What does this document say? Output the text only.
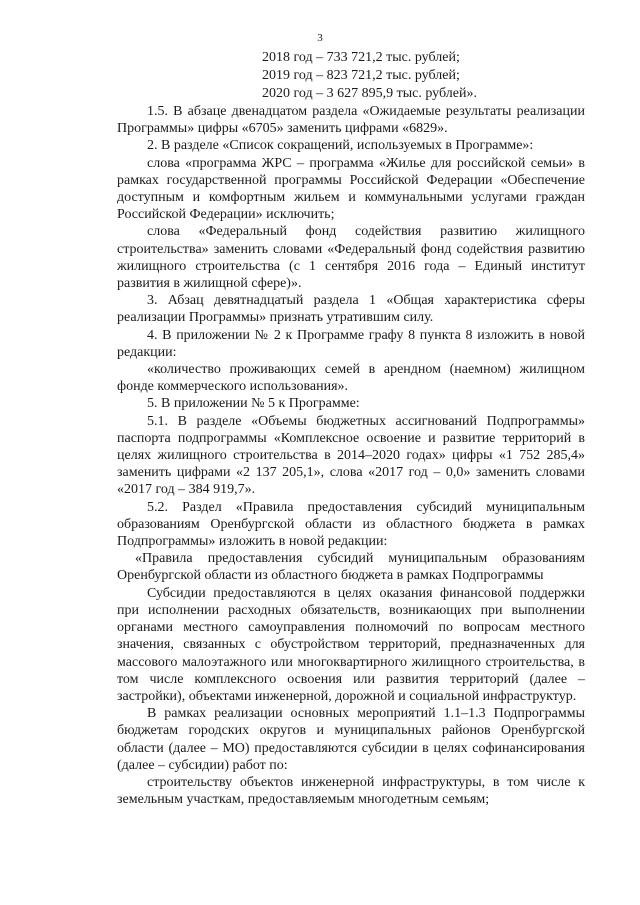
3
2018 год – 733 721,2 тыс. рублей;
2019 год – 823 721,2 тыс. рублей;
2020 год – 3 627 895,9 тыс. рублей».

1.5. В абзаце двенадцатом раздела «Ожидаемые результаты реализации Программы» цифры «6705» заменить цифрами «6829».

2. В разделе «Список сокращений, используемых в Программе»:

слова «программа ЖРС – программа «Жилье для российской семьи» в рамках государственной программы Российской Федерации «Обеспечение доступным и комфортным жильем и коммунальными услугами граждан Российской Федерации» исключить;

слова «Федеральный фонд содействия развитию жилищного строительства» заменить словами «Федеральный фонд содействия развитию жилищного строительства (с 1 сентября 2016 года – Единый институт развития в жилищной сфере)».

3. Абзац девятнадцатый раздела 1 «Общая характеристика сферы реализации Программы» признать утратившим силу.

4. В приложении № 2 к Программе графу 8 пункта 8 изложить в новой редакции:

«количество проживающих семей в арендном (наемном) жилищном фонде коммерческого использования».

5. В приложении № 5 к Программе:

5.1. В разделе «Объемы бюджетных ассигнований Подпрограммы» паспорта подпрограммы «Комплексное освоение и развитие территорий в целях жилищного строительства в 2014–2020 годах» цифры «1 752 285,4» заменить цифрами «2 137 205,1», слова «2017 год – 0,0» заменить словами «2017 год – 384 919,7».

5.2. Раздел «Правила предоставления субсидий муниципальным образованиям Оренбургской области из областного бюджета в рамках Подпрограммы» изложить в новой редакции:

«Правила предоставления субсидий муниципальным образованиям Оренбургской области из областного бюджета в рамках Подпрограммы

Субсидии предоставляются в целях оказания финансовой поддержки при исполнении расходных обязательств, возникающих при выполнении органами местного самоуправления полномочий по вопросам местного значения, связанных с обустройством территорий, предназначенных для массового малоэтажного или многоквартирного жилищного строительства, в том числе комплексного освоения или развития территорий (далее – застройки), объектами инженерной, дорожной и социальной инфраструктур.

В рамках реализации основных мероприятий 1.1–1.3 Подпрограммы бюджетам городских округов и муниципальных районов Оренбургской области (далее – МО) предоставляются субсидии в целях софинансирования (далее – субсидии) работ по:

строительству объектов инженерной инфраструктуры, в том числе к земельным участкам, предоставляемым многодетным семьям;
